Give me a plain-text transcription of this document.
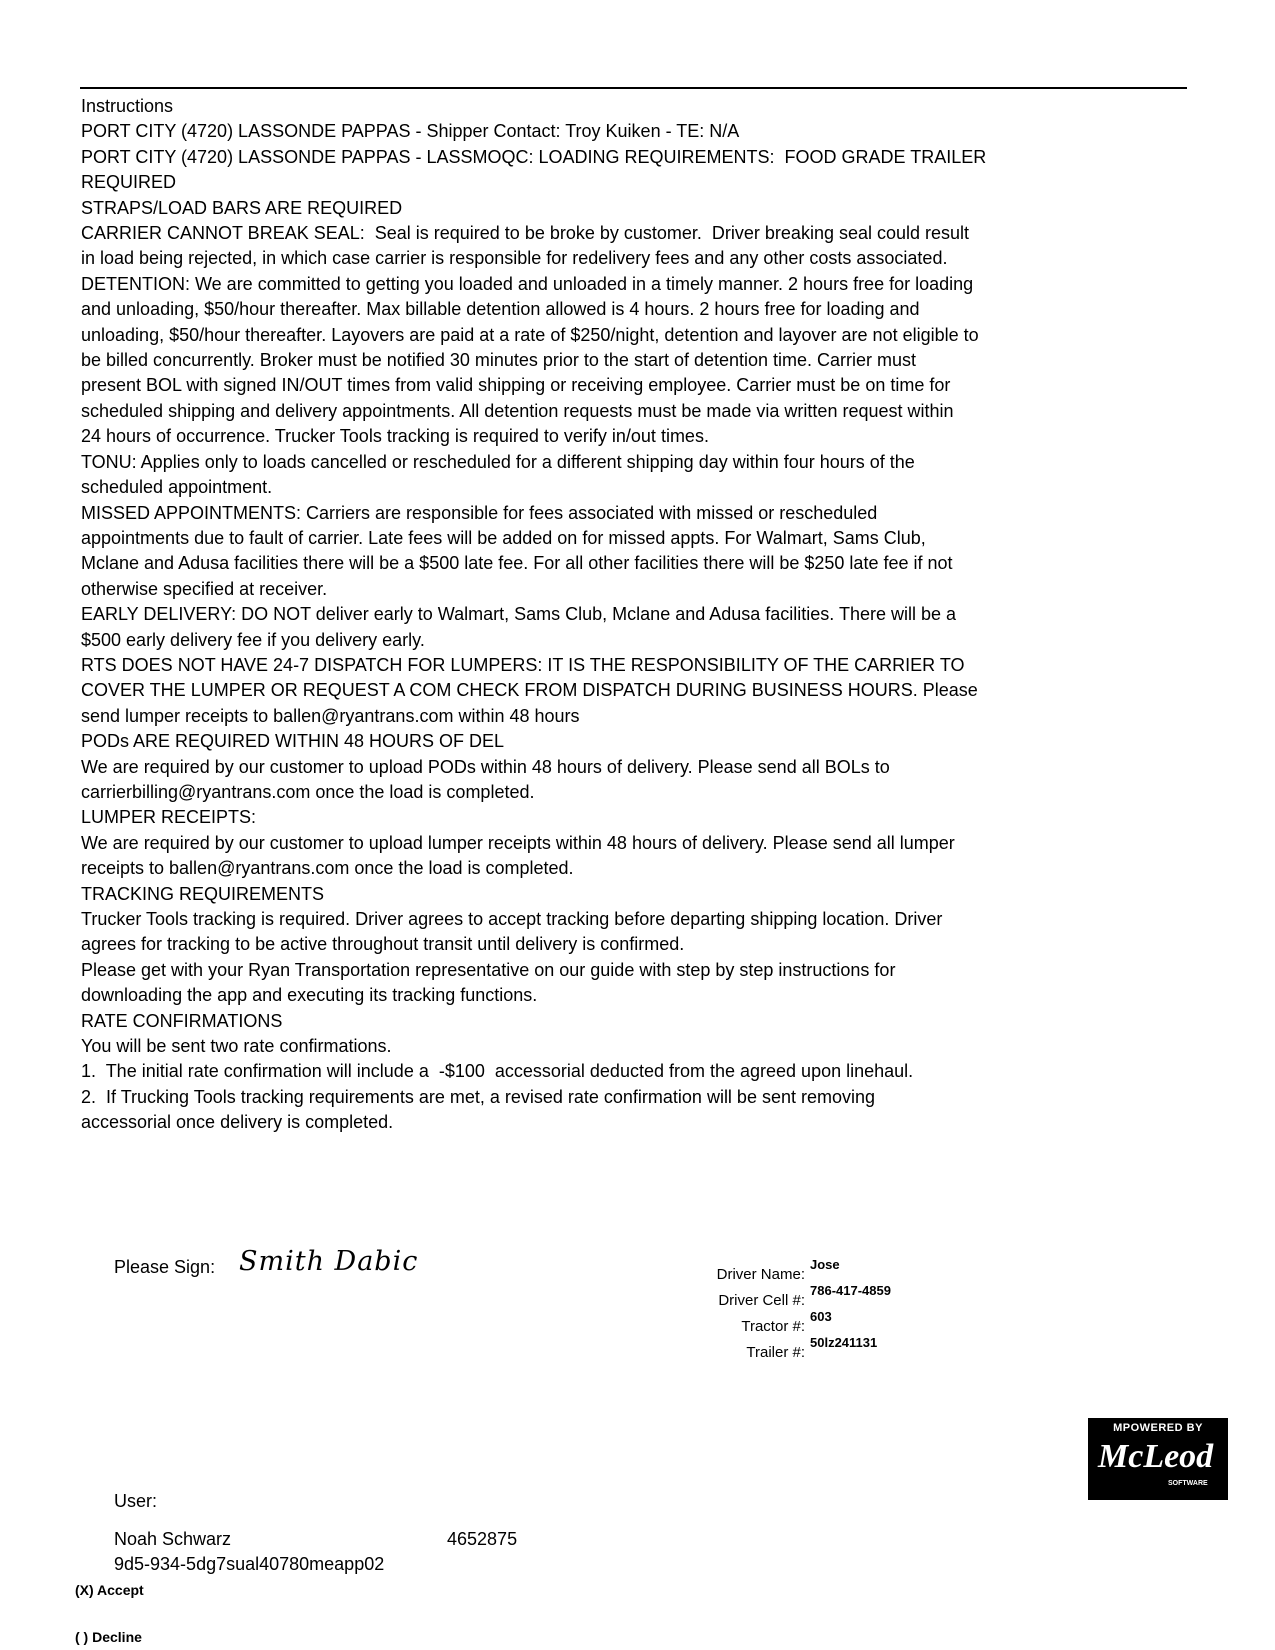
Instructions
PORT CITY (4720) LASSONDE PAPPAS - Shipper Contact: Troy Kuiken - TE: N/A
PORT CITY (4720) LASSONDE PAPPAS - LASSMOQC: LOADING REQUIREMENTS:  FOOD GRADE TRAILER
REQUIRED
STRAPS/LOAD BARS ARE REQUIRED
CARRIER CANNOT BREAK SEAL:  Seal is required to be broke by customer.  Driver breaking seal could result
in load being rejected, in which case carrier is responsible for redelivery fees and any other costs associated.
DETENTION: We are committed to getting you loaded and unloaded in a timely manner. 2 hours free for loading
and unloading, $50/hour thereafter. Max billable detention allowed is 4 hours. 2 hours free for loading and
unloading, $50/hour thereafter. Layovers are paid at a rate of $250/night, detention and layover are not eligible to
be billed concurrently. Broker must be notified 30 minutes prior to the start of detention time. Carrier must
present BOL with signed IN/OUT times from valid shipping or receiving employee. Carrier must be on time for
scheduled shipping and delivery appointments. All detention requests must be made via written request within
24 hours of occurrence. Trucker Tools tracking is required to verify in/out times.
TONU: Applies only to loads cancelled or rescheduled for a different shipping day within four hours of the
scheduled appointment.
MISSED APPOINTMENTS: Carriers are responsible for fees associated with missed or rescheduled
appointments due to fault of carrier. Late fees will be added on for missed appts. For Walmart, Sams Club,
Mclane and Adusa facilities there will be a $500 late fee. For all other facilities there will be $250 late fee if not
otherwise specified at receiver.
EARLY DELIVERY: DO NOT deliver early to Walmart, Sams Club, Mclane and Adusa facilities. There will be a
$500 early delivery fee if you delivery early.
RTS DOES NOT HAVE 24-7 DISPATCH FOR LUMPERS: IT IS THE RESPONSIBILITY OF THE CARRIER TO
COVER THE LUMPER OR REQUEST A COM CHECK FROM DISPATCH DURING BUSINESS HOURS. Please
send lumper receipts to ballen@ryantrans.com within 48 hours
PODs ARE REQUIRED WITHIN 48 HOURS OF DEL
We are required by our customer to upload PODs within 48 hours of delivery. Please send all BOLs to
carrierbilling@ryantrans.com once the load is completed.
LUMPER RECEIPTS:
We are required by our customer to upload lumper receipts within 48 hours of delivery. Please send all lumper
receipts to ballen@ryantrans.com once the load is completed.
TRACKING REQUIREMENTS
Trucker Tools tracking is required. Driver agrees to accept tracking before departing shipping location. Driver
agrees for tracking to be active throughout transit until delivery is confirmed.
Please get with your Ryan Transportation representative on our guide with step by step instructions for
downloading the app and executing its tracking functions.
RATE CONFIRMATIONS
You will be sent two rate confirmations.
1.  The initial rate confirmation will include a  -$100  accessorial deducted from the agreed upon linehaul.
2.  If Trucking Tools tracking requirements are met, a revised rate confirmation will be sent removing
accessorial once delivery is completed.
Please Sign: Smith Dabic	Driver Name:
Jose
Driver Cell #:
786-417-4859
Tractor #:
603
Trailer #:
50lz241131
MPOWERED BY
McLeod
SOFTWARE
User:
Noah Schwarz	4652875
9d5-934-5dg7sual40780meapp02
(X) Accept
( ) Decline
